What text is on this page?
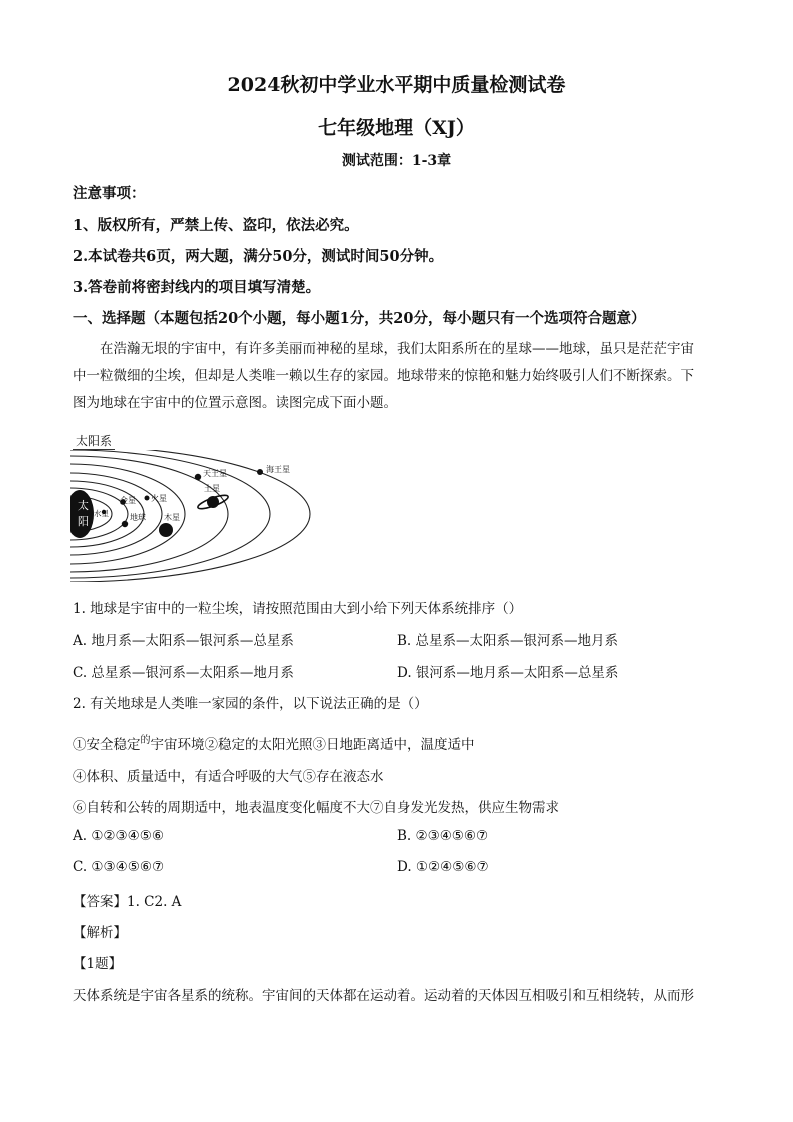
2024秋初中学业水平期中质量检测试卷
七年级地理（XJ）
测试范围：1-3章
注意事项：
1、版权所有，严禁上传、盗印，依法必究。
2.本试卷共6页，两大题，满分50分，测试时间50分钟。
3.答卷前将密封线内的项目填写清楚。
一、选择题（本题包括20个小题，每小题1分，共20分，每小题只有一个选项符合题意）

在浩瀚无垠的宇宙中，有许多美丽而神秘的星球，我们太阳系所在的星球——地球，虽只是茫茫宇宙

中一粒微细的尘埃，但却是人类唯一赖以生存的家园。地球带来的惊艳和魅力始终吸引人们不断探索。下

图为地球在宇宙中的位置示意图。读图完成下面小题。

太阳系
太
阳
水星
金星
地球
火星
木星
土星
天王星	海王星
1. 地球是宇宙中的一粒尘埃，请按照范围由大到小给下列天体系统排序（）
A. 地月系—太阳系—银河系—总星系	B. 总星系—太阳系—银河系—地月系
C. 总星系—银河系—太阳系—地月系	D. 银河系—地月系—太阳系—总星系
2. 有关地球是人类唯一家园的条件，以下说法正确的是（）
①安全稳定$^的$宇宙环境②稳定的太阳光照③日地距离适中，温度适中
④体积、质量适中，有适合呼吸的大气⑤存在液态水
⑥自转和公转的周期适中，地表温度变化幅度不大⑦自身发光发热，供应生物需求
A. ①②③④⑤⑥	B. ②③④⑤⑥⑦
C. ①③④⑤⑥⑦	D. ①②④⑤⑥⑦
【答案】1. C2. A
【解析】
【1题】
天体系统是宇宙各星系的统称。宇宙间的天体都在运动着。运动着的天体因互相吸引和互相绕转，从而形
